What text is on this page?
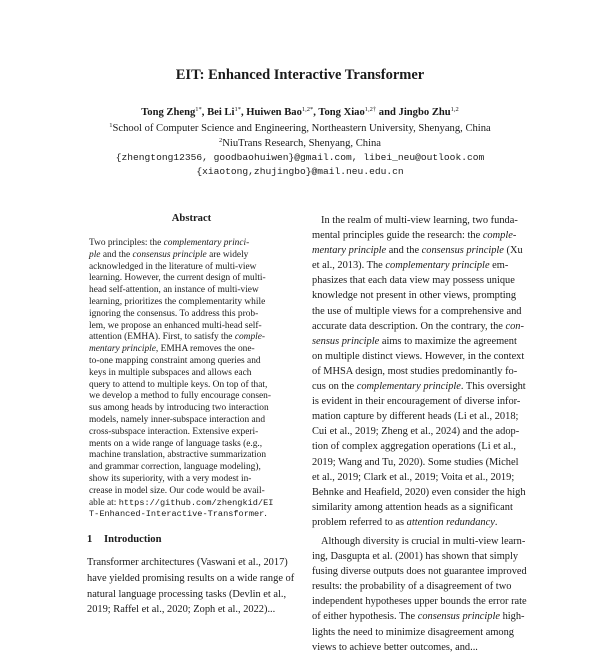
EIT: Enhanced Interactive Transformer
Tong Zheng$^{1*}$, Bei $Li^{1*}$, Huiwen Bao$^{1,2*}$, Tong Xiao$^{1,2\dagger}$ and Jingbo Zhu$^{1,2}$
$^1$School of Computer Science and Engineering, Northeastern University, Shenyang, China
$^2$NiuTrans Research, Shenyang, China
{zhengtong12356, goodbaohuiwen}@gmail.com, libei_neu@outlook.com
{xiaotong,zhujingbo}@mail.neu.edu.cn
Abstract
Two principles: the complementary princi-
ple and the consensus principle are widely
acknowledged in the literature of multi-view
learning. However, the current design of multi-
head self-attention, an instance of multi-view
learning, prioritizes the complementarity while
ignoring the consensus. To address this prob-
lem, we propose an enhanced multi-head self-
attention (EMHA). First, to satisfy the comple-
mentary principle, EMHA removes the one-
to-one mapping constraint among queries and
keys in multiple subspaces and allows each
query to attend to multiple keys. On top of that,
we develop a method to fully encourage consen-
sus among heads by introducing two interaction
models, namely inner-subspace interaction and
cross-subspace interaction. Extensive experi-
ments on a wide range of language tasks (e.g.,
machine translation, abstractive summarization
and grammar correction, language modeling),
show its superiority, with a very modest in-
crease in model size. Our code would be avail-
able at: https://github.com/zhengkid/EI
T-Enhanced-Interactive-Transformer.
1 Introduction
Transformer architectures (Vaswani et al., 2017)
have yielded promising results on a wide range of
natural language processing tasks (Devlin et al.,
2019; Raffel et al., 2020; Zoph et al., 2022)...
In the realm of multi-view learning, two funda-
mental principles guide the research: the comple-
mentary principle and the consensus principle (Xu
et al., 2013). The complementary principle em-
phasizes that each data view may possess unique
knowledge not present in other views, prompting
the use of multiple views for a comprehensive and
accurate data description. On the contrary, the con-
sensus principle aims to maximize the agreement
on multiple distinct views. However, in the context
of MHSA design, most studies predominantly fo-
cus on the complementary principle. This oversight
is evident in their encouragement of diverse infor-
mation capture by different heads (Li et al., 2018;
Cui et al., 2019; Zheng et al., 2024) and the adop-
tion of complex aggregation operations (Li et al.,
2019; Wang and Tu, 2020). Some studies (Michel
et al., 2019; Clark et al., 2019; Voita et al., 2019;
Behnke and Heafield, 2020) even consider the high
similarity among attention heads as a significant
problem referred to as attention redundancy.
Although diversity is crucial in multi-view learn-
ing, Dasgupta et al. (2001) has shown that simply
fusing diverse outputs does not guarantee improved
results: the probability of a disagreement of two
independent hypotheses upper bounds the error rate
of either hypothesis. The consensus principle high-
lights the need to minimize disagreement among
views to achieve better outcomes, and...
